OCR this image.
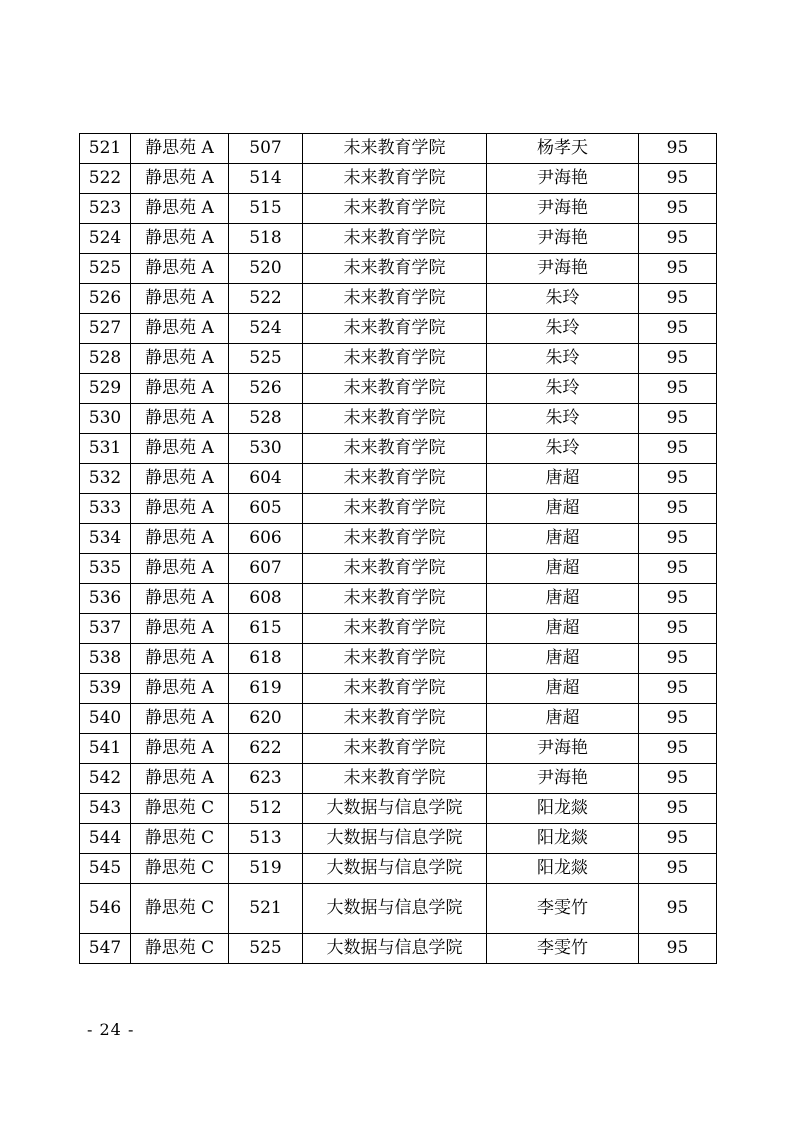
521	静思苑 A	507	未来教育学院	杨孝天	95
522	静思苑 A	514	未来教育学院	尹海艳	95
523	静思苑 A	515	未来教育学院	尹海艳	95
524	静思苑 A	518	未来教育学院	尹海艳	95
525	静思苑 A	520	未来教育学院	尹海艳	95
526	静思苑 A	522	未来教育学院	朱玲	95
527	静思苑 A	524	未来教育学院	朱玲	95
528	静思苑 A	525	未来教育学院	朱玲	95
529	静思苑 A	526	未来教育学院	朱玲	95
530	静思苑 A	528	未来教育学院	朱玲	95
531	静思苑 A	530	未来教育学院	朱玲	95
532	静思苑 A	604	未来教育学院	唐超	95
533	静思苑 A	605	未来教育学院	唐超	95
534	静思苑 A	606	未来教育学院	唐超	95
535	静思苑 A	607	未来教育学院	唐超	95
536	静思苑 A	608	未来教育学院	唐超	95
537	静思苑 A	615	未来教育学院	唐超	95
538	静思苑 A	618	未来教育学院	唐超	95
539	静思苑 A	619	未来教育学院	唐超	95
540	静思苑 A	620	未来教育学院	唐超	95
541	静思苑 A	622	未来教育学院	尹海艳	95
542	静思苑 A	623	未来教育学院	尹海艳	95
543	静思苑 C	512	大数据与信息学院	阳龙燚	95
544	静思苑 C	513	大数据与信息学院	阳龙燚	95
545	静思苑 C	519	大数据与信息学院	阳龙燚	95
546	静思苑 C	521	大数据与信息学院	李雯竹	95
547	静思苑 C	525	大数据与信息学院	李雯竹	95
- 24 -
